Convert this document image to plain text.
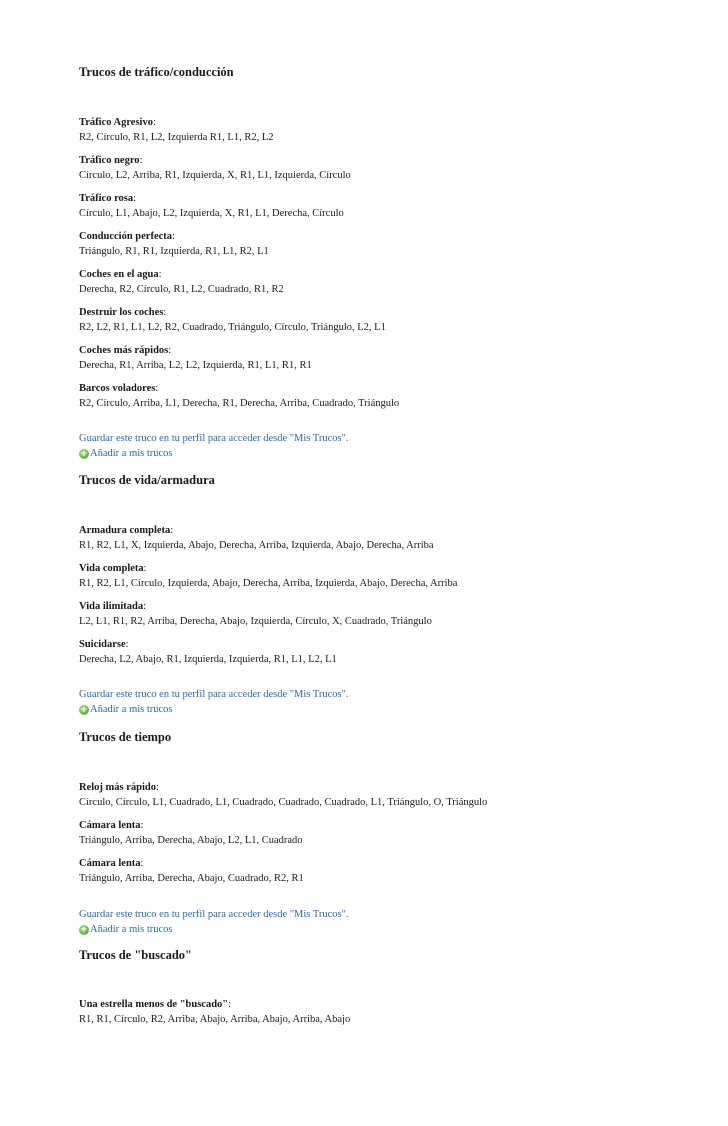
Trucos de tráfico/conducción
Tráfico Agresivo:
R2, Círculo, R1, L2, Izquierda R1, L1, R2, L2
Tráfico negro:
Círculo, L2, Arriba, R1, Izquierda, X, R1, L1, Izquierda, Círculo
Tráfico rosa:
Círculo, L1, Abajo, L2, Izquierda, X, R1, L1, Derecha, Círculo
Conducción perfecta:
Triángulo, R1, R1, Izquierda, R1, L1, R2, L1
Coches en el agua:
Derecha, R2, Círculo, R1, L2, Cuadrado, R1, R2
Destruir los coches:
R2, L2, R1, L1, L2, R2, Cuadrado, Triángulo, Círculo, Triángulo, L2, L1
Coches más rápidos:
Derecha, R1, Arriba, L2, L2, Izquierda, R1, L1, R1, R1
Barcos voladores:
R2, Círculo, Arriba, L1, Derecha, R1, Derecha, Arriba, Cuadrado, Triángulo
Guardar este truco en tu perfil para acceder desde "Mis Trucos".
+ Añadir a mis trucos
Trucos de vida/armadura
Armadura completa:
R1, R2, L1, X, Izquierda, Abajo, Derecha, Arriba, Izquierda, Abajo, Derecha, Arriba
Vida completa:
R1, R2, L1, Círculo, Izquierda, Abajo, Derecha, Arriba, Izquierda, Abajo, Derecha, Arriba
Vida ilimitada:
L2, L1, R1, R2, Arriba, Derecha, Abajo, Izquierda, Círculo, X, Cuadrado, Triángulo
Suicidarse:
Derecha, L2, Abajo, R1, Izquierda, Izquierda, R1, L1, L2, L1
Guardar este truco en tu perfil para acceder desde "Mis Trucos".
+ Añadir a mis trucos
Trucos de tiempo
Reloj más rápido:
Círculo, Círculo, L1, Cuadrado, L1, Cuadrado, Cuadrado, Cuadrado, L1, Triángulo, O, Triángulo
Cámara lenta:
Triángulo, Arriba, Derecha, Abajo, L2, L1, Cuadrado
Cámara lenta:
Triángulo, Arriba, Derecha, Abajo, Cuadrado, R2, R1
Guardar este truco en tu perfil para acceder desde "Mis Trucos".
+ Añadir a mis trucos
Trucos de "buscado"
Una estrella menos de "buscado":
R1, R1, Círculo, R2, Arriba, Abajo, Arriba, Abajo, Arriba, Abajo
